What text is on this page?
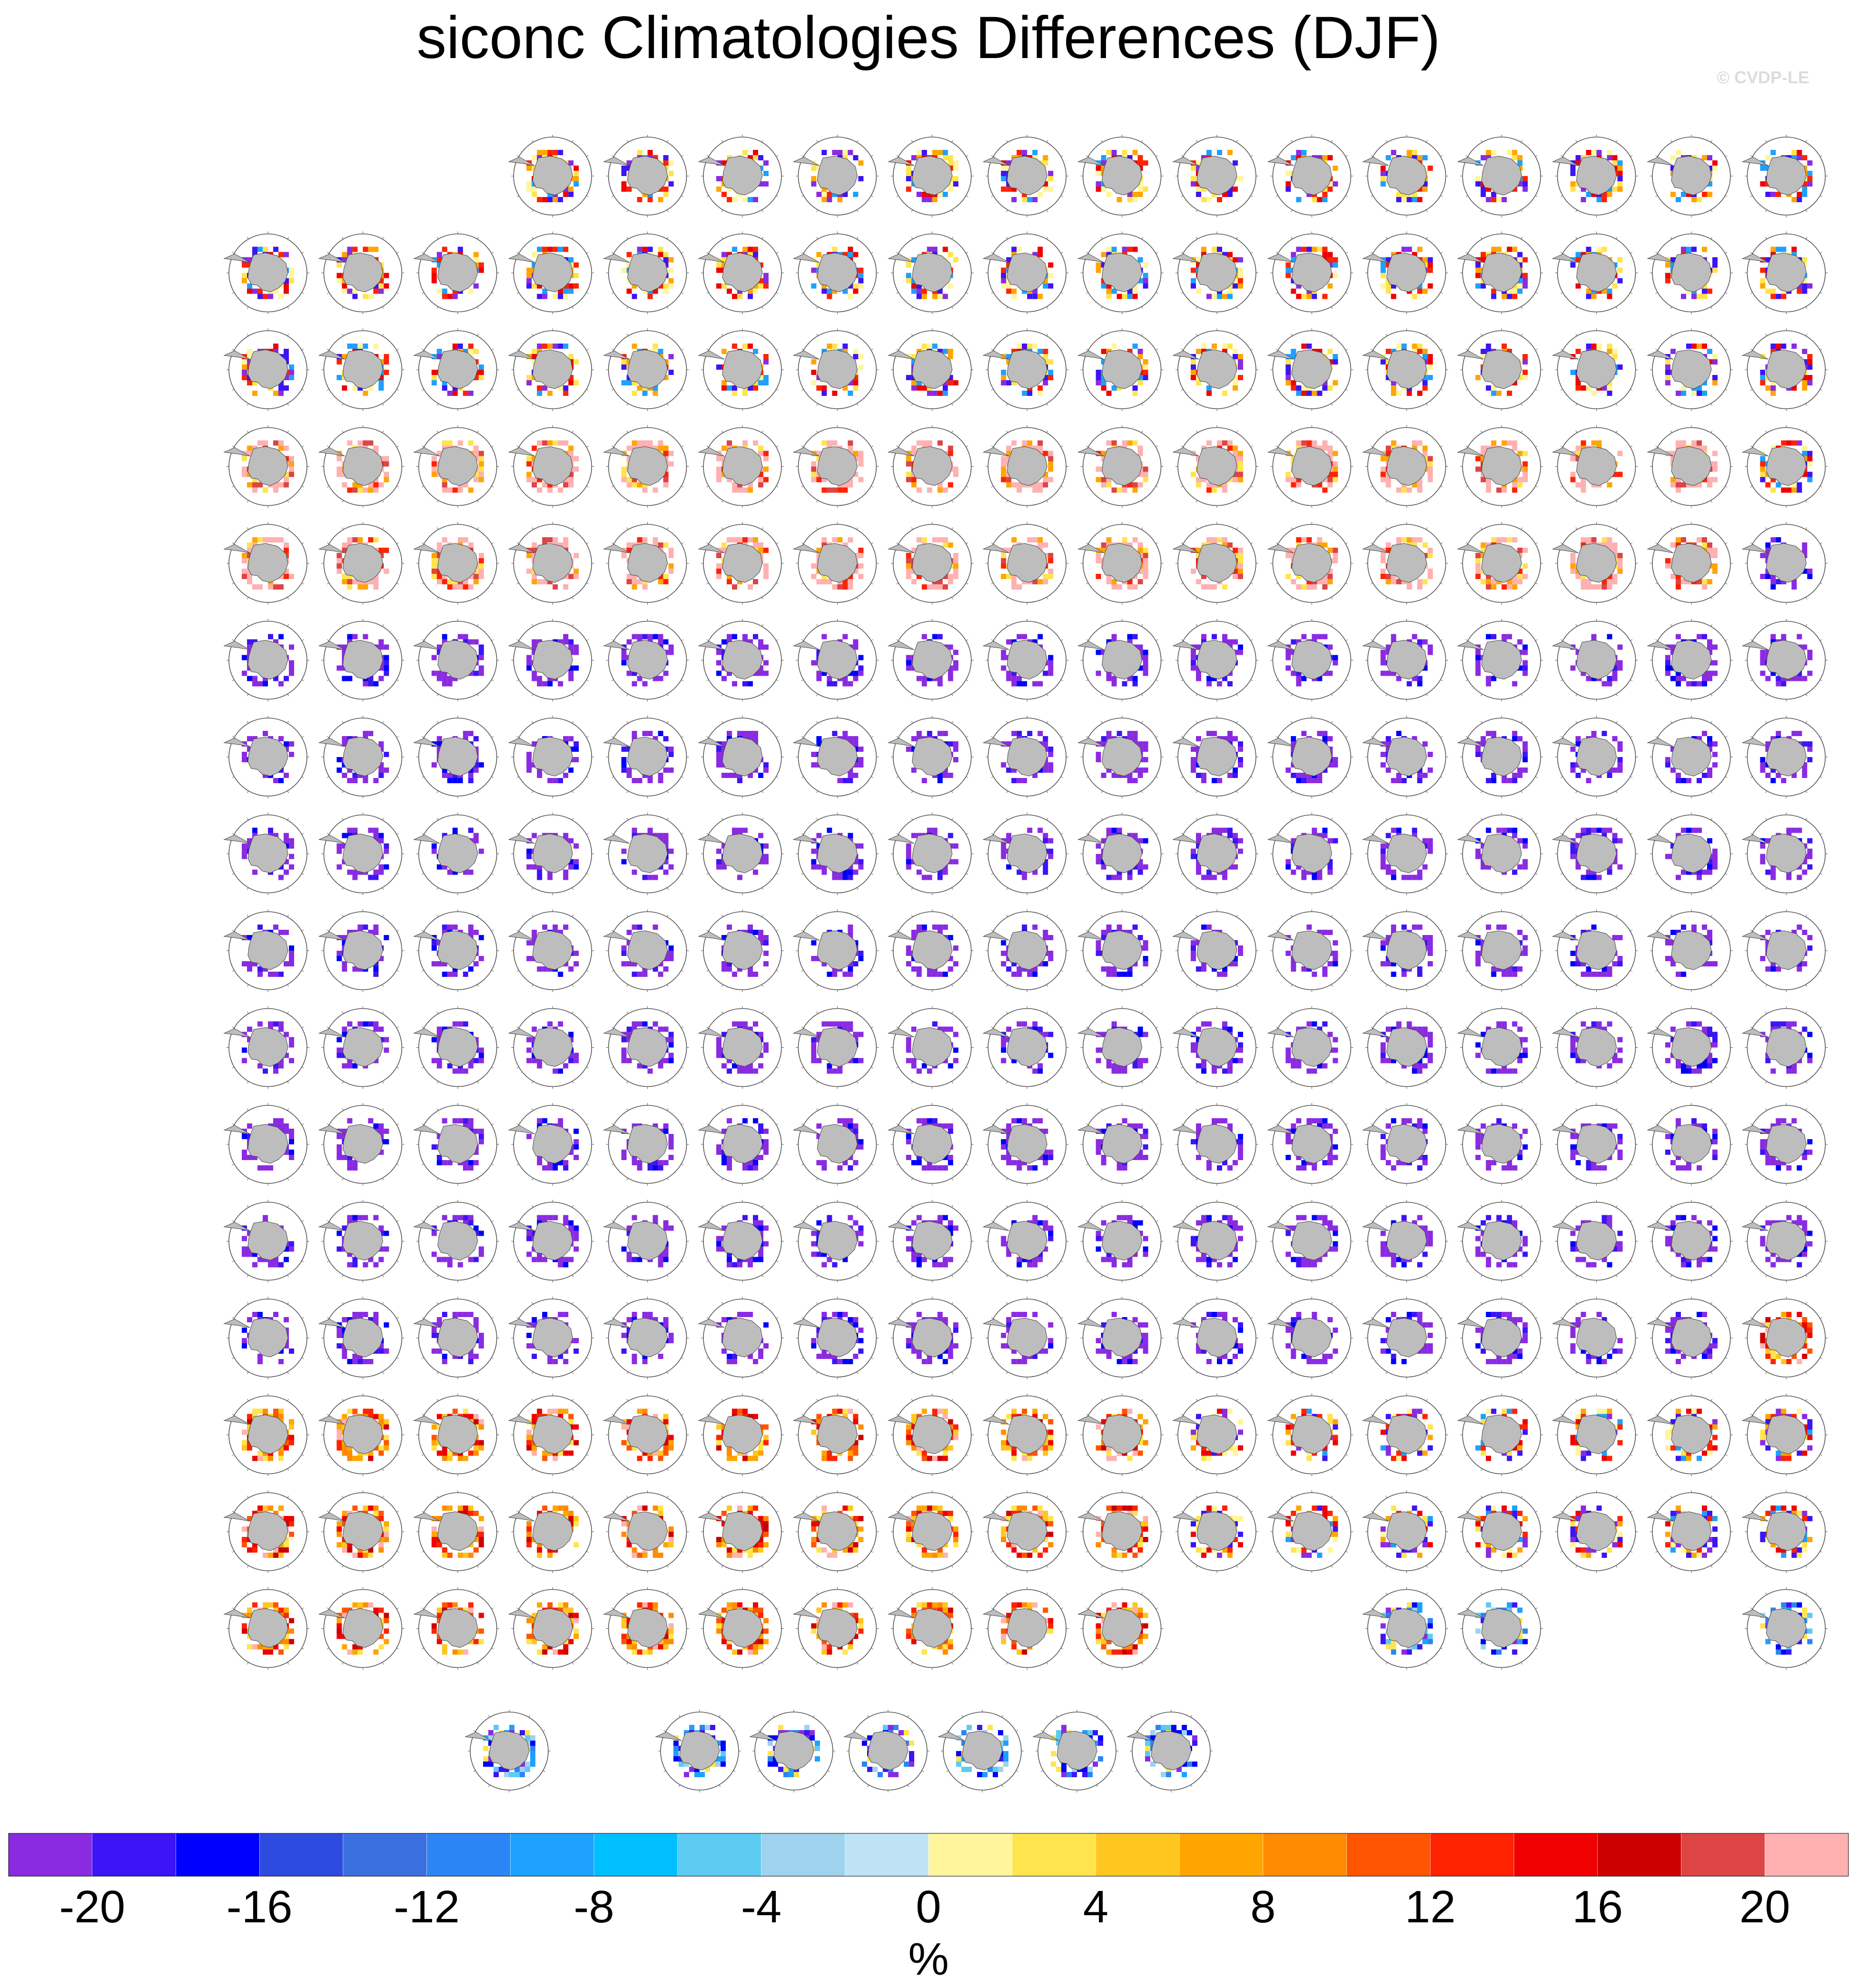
siconc Climatologies Differences (DJF)
© CVDP-LE
-20 -16 -12 -8	-4	0	4	8	12	16	20
%
